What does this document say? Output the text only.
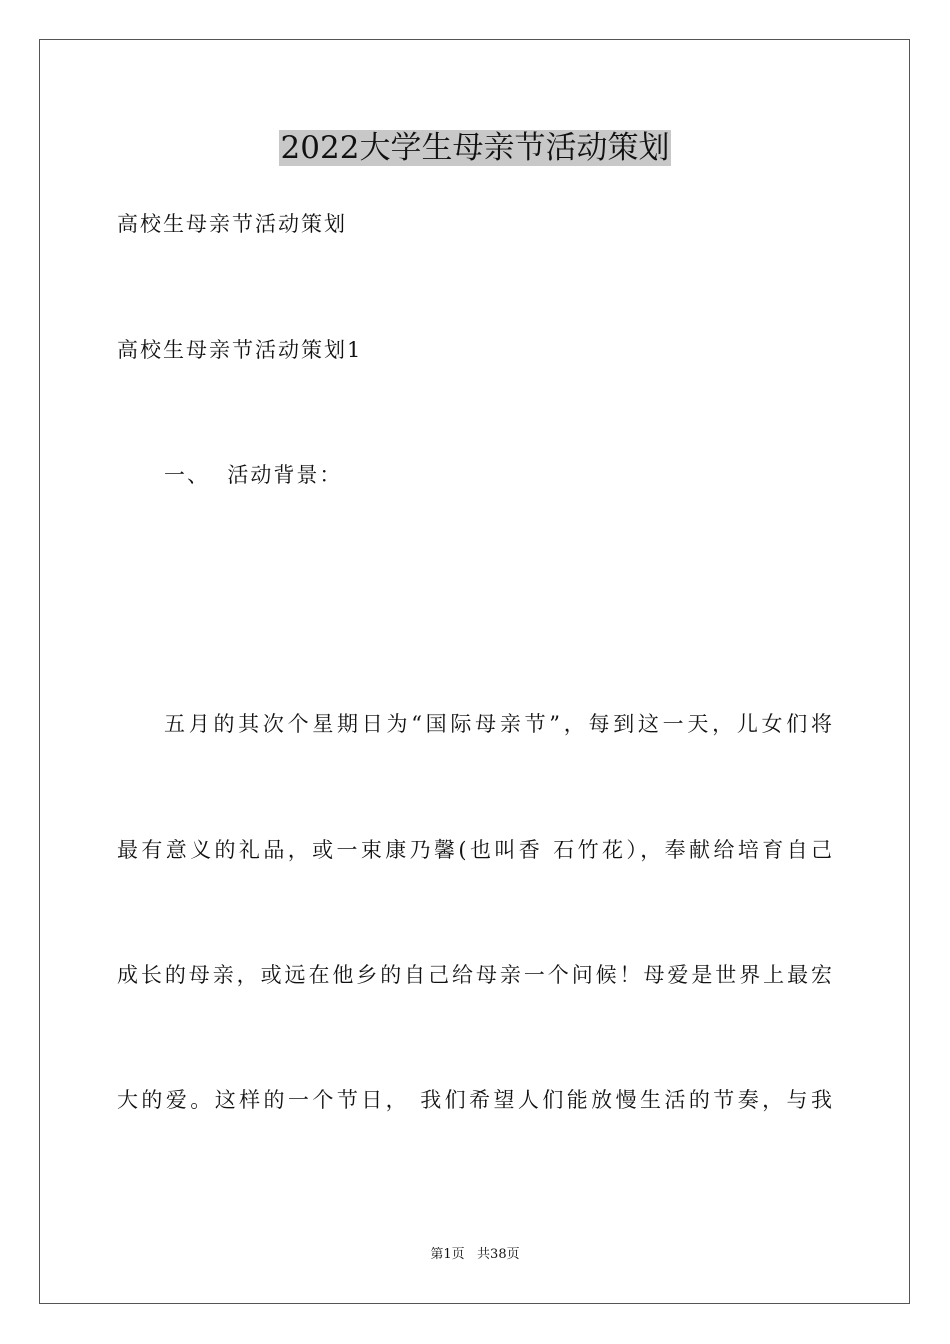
2022大学生母亲节活动策划
高校生母亲节活动策划
高校生母亲节活动策划1
一、  活动背景：
五月的其次个星期日为“国际母亲节”，每到这一天，儿女们将
最有意义的礼品，或一束康乃馨(也叫香 石竹花），奉献给培育自己
成长的母亲，或远在他乡的自己给母亲一个问候！母爱是世界上最宏
大的爱。这样的一个节日， 我们希望人们能放慢生活的节奏，与我
第1页   共38页
